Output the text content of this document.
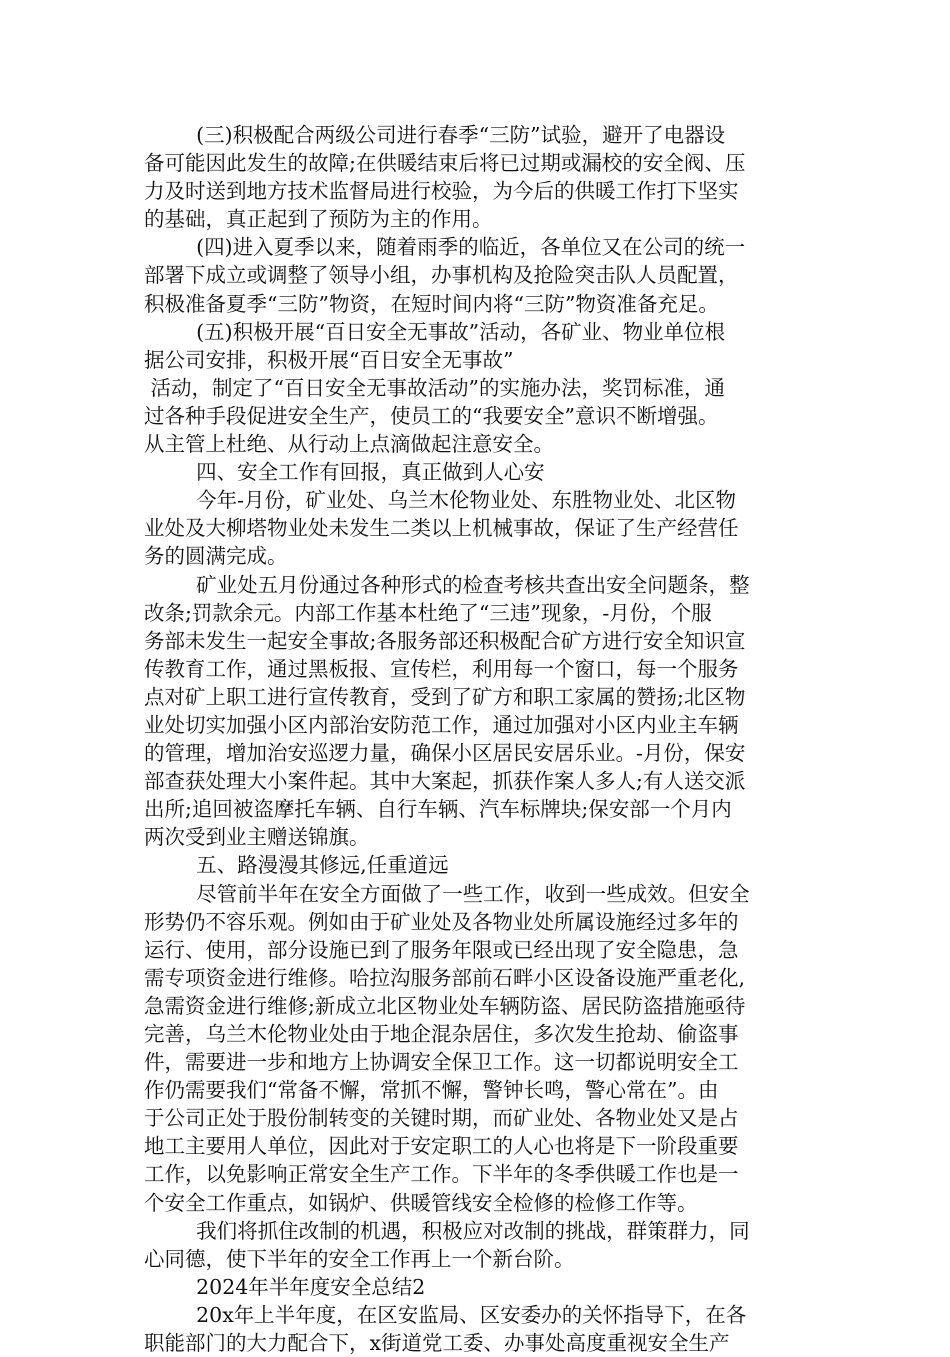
(三)积极配合两级公司进行春季“三防”试验，避开了电器设
备可能因此发生的故障;在供暖结束后将已过期或漏校的安全阀、压
力及时送到地方技术监督局进行校验，为今后的供暖工作打下坚实
的基础，真正起到了预防为主的作用。
(四)进入夏季以来，随着雨季的临近，各单位又在公司的统一
部署下成立或调整了领导小组，办事机构及抢险突击队人员配置，
积极准备夏季“三防”物资，在短时间内将“三防”物资准备充足。
(五)积极开展“百日安全无事故”活动，各矿业、物业单位根
据公司安排，积极开展“百日安全无事故”
活动，制定了“百日安全无事故活动”的实施办法，奖罚标准，通
过各种手段促进安全生产，使员工的“我要安全”意识不断增强。
从主管上杜绝、从行动上点滴做起注意安全。
四、安全工作有回报，真正做到人心安
今年-月份，矿业处、乌兰木伦物业处、东胜物业处、北区物
业处及大柳塔物业处未发生二类以上机械事故，保证了生产经营任
务的圆满完成。
矿业处五月份通过各种形式的检查考核共查出安全问题条，整
改条;罚款余元。内部工作基本杜绝了“三违”现象，-月份，个服
务部未发生一起安全事故;各服务部还积极配合矿方进行安全知识宣
传教育工作，通过黑板报、宣传栏，利用每一个窗口，每一个服务
点对矿上职工进行宣传教育，受到了矿方和职工家属的赞扬;北区物
业处切实加强小区内部治安防范工作，通过加强对小区内业主车辆
的管理，增加治安巡逻力量，确保小区居民安居乐业。-月份，保安
部查获处理大小案件起。其中大案起，抓获作案人多人;有人送交派
出所;追回被盗摩托车辆、自行车辆、汽车标牌块;保安部一个月内
两次受到业主赠送锦旗。
五、路漫漫其修远,任重道远
尽管前半年在安全方面做了一些工作，收到一些成效。但安全
形势仍不容乐观。例如由于矿业处及各物业处所属设施经过多年的
运行、使用，部分设施已到了服务年限或已经出现了安全隐患，急
需专项资金进行维修。哈拉沟服务部前石畔小区设备设施严重老化,
急需资金进行维修;新成立北区物业处车辆防盗、居民防盗措施亟待
完善，乌兰木伦物业处由于地企混杂居住，多次发生抢劫、偷盗事
件，需要进一步和地方上协调安全保卫工作。这一切都说明安全工
作仍需要我们“常备不懈，常抓不懈，警钟长鸣，警心常在”。由
于公司正处于股份制转变的关键时期，而矿业处、各物业处又是占
地工主要用人单位，因此对于安定职工的人心也将是下一阶段重要
工作，以免影响正常安全生产工作。下半年的冬季供暖工作也是一
个安全工作重点，如锅炉、供暖管线安全检修的检修工作等。
我们将抓住改制的机遇，积极应对改制的挑战，群策群力，同
心同德，使下半年的安全工作再上一个新台阶。
2024年半年度安全总结2
20x年上半年度，在区安监局、区安委办的关怀指导下，在各
职能部门的大力配合下，x街道党工委、办事处高度重视安全生产
